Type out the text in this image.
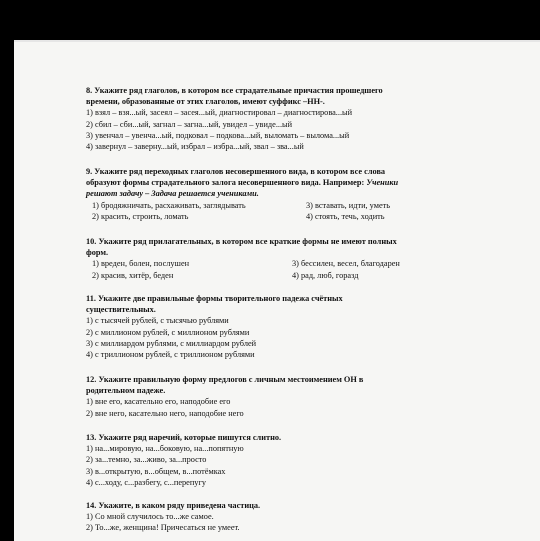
8. Укажите ряд глаголов, в котором все страдательные причастия прошедшего
времени, образованные от этих глаголов, имеют суффикс –НН-.
1) взял – взя...ый, засеял – засея...ый, диагностировал – диагностирова...ый
2) сбил – сби...ый, загнал – загна...ый, увидел – увиде...ый
3) увенчал – увенча...ый, подковал – подкова...ый, выломать – вылома...ый
4) завернул – заверну...ый, избрал – избра...ый, звал – зва...ый
9. Укажите ряд переходных глаголов несовершенного вида, в котором все слова
образуют формы страдательного залога несовершенного вида. Например: Ученики
решают задачу – Задача решается учениками.
1) бродяжничать, расхаживать, заглядывать	3) вставать, идти, уметь
2) красить, строить, ломать	4) стоять, течь, ходить
10. Укажите ряд прилагательных, в котором все краткие формы не имеют полных
форм.
1) вреден, болен, послушен	3) бессилен, весел, благодарен
2) красив, хитёр, беден	4) рад, люб, горазд
11. Укажите две правильные формы творительного падежа счётных
существительных.
1) с тысячей рублей, с тысячью рублями
2) с миллионом рублей, с миллионом рублями
3) с миллиардом рублями, с миллиардом рублей
4) с триллионом рублей, с триллионом рублями
12. Укажите правильную форму предлогов с личным местоимением ОН в
родительном падеже.
1) вне его, касательно его, наподобие его
2) вне него, касательно него, наподобие него
13. Укажите ряд наречий, которые пишутся слитно.
1) на...мировую, на...боковую, на...попятную
2) за...темно, за...живо, за...просто
3) в...открытую, в...общем, в...потёмках
4) с...ходу, с...разбегу, с...перепугу
14. Укажите, в каком ряду приведена частица.
1) Со мной случилось то...же самое.
2) То...же, женщина! Причесаться не умеет.
